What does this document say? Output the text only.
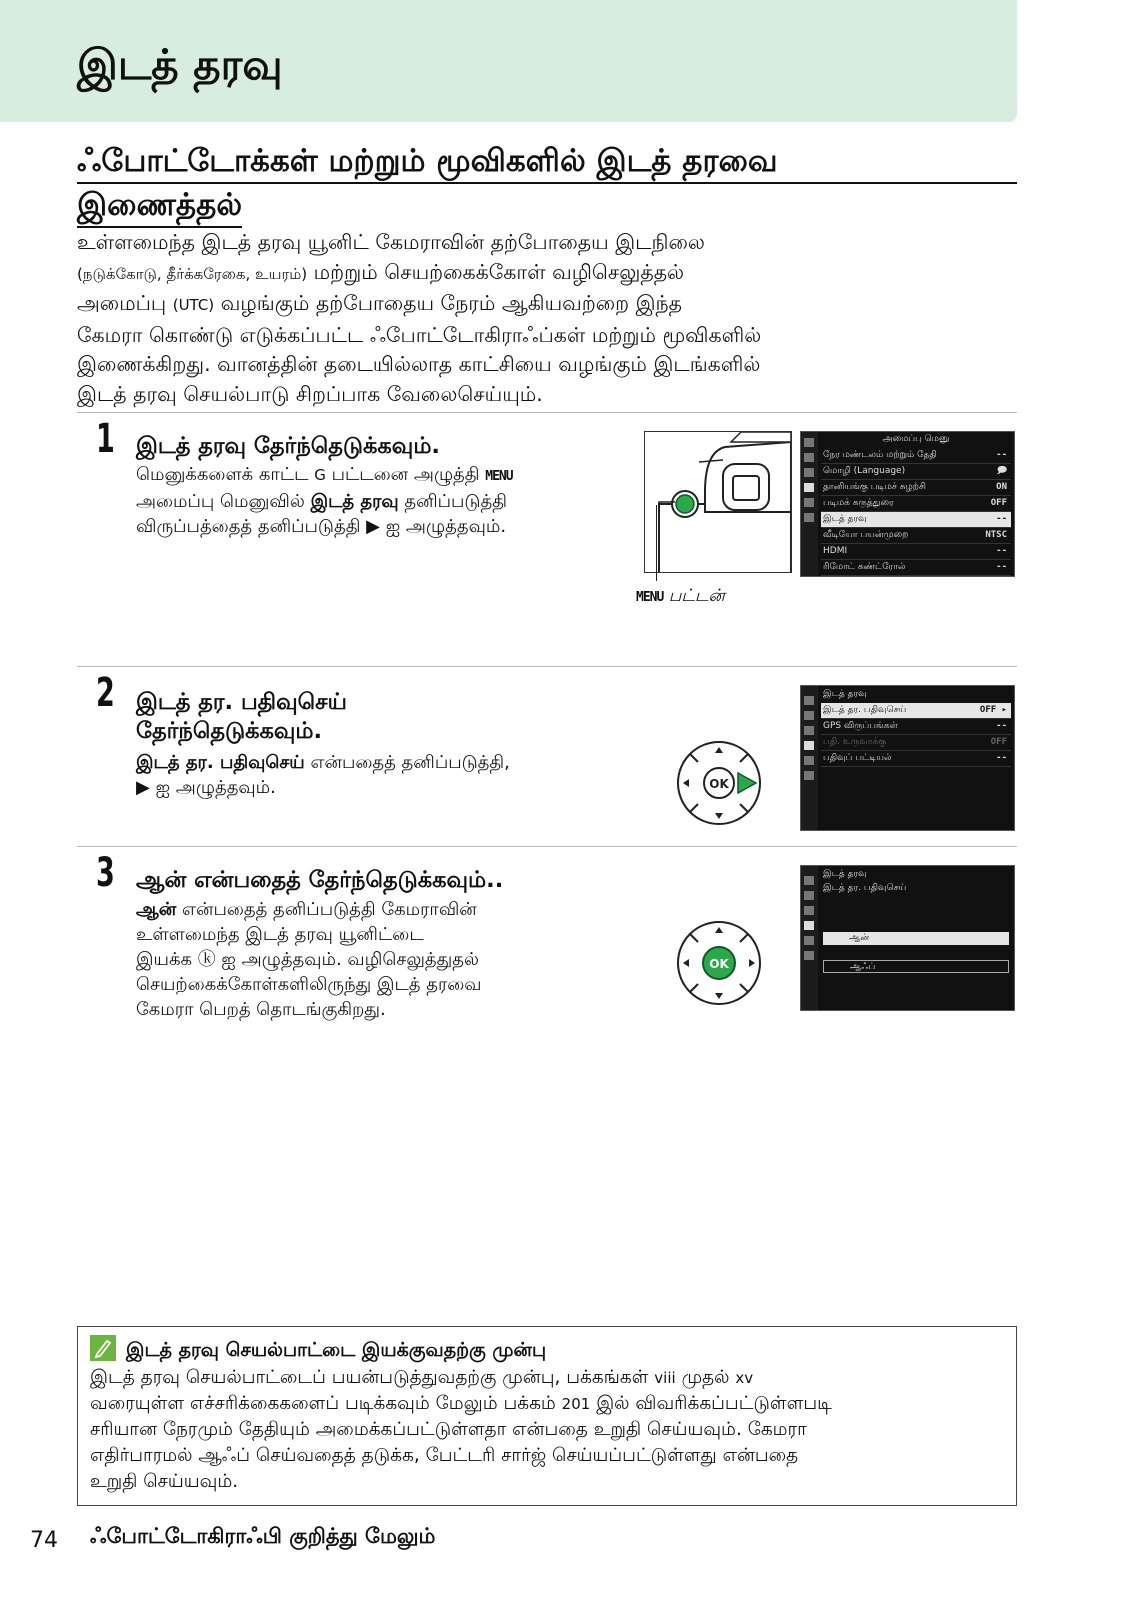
இடத் தரவு
ஃபோட்டோக்கள் மற்றும் மூவிகளில் இடத் தரவை
இணைத்தல்

உள்ளமைந்த இடத் தரவு யூனிட் கேமராவின் தற்போதைய இடநிலை

(நடுக்கோடு, தீர்க்கரேகை, உயரம்) மற்றும் செயற்கைக்கோள் வழிசெலுத்தல்

அமைப்பு (UTC) வழங்கும் தற்போதைய நேரம் ஆகியவற்றை இந்த

கேமரா கொண்டு எடுக்கப்பட்ட ஃபோட்டோகிராஃப்கள் மற்றும் மூவிகளில்

இணைக்கிறது. வானத்தின் தடையில்லாத காட்சியை வழங்கும் இடங்களில்

இடத் தரவு செயல்பாடு சிறப்பாக வேலைசெய்யும்.

1 இடத் தரவு தேர்ந்தெடுக்கவும்.

மெனுக்களைக் காட்ட G பட்டனை அழுத்தி MENU

அமைப்பு மெனுவில் இடத் தரவு தனிப்படுத்தி

விருப்பத்தைத் தனிப்படுத்தி ▶ ஐ அழுத்தவும்.

MENU பட்டன்
அமைப்பு மெனு
நேர மண்டலம் மற்றும் தேதி	--
மொழி (Language)	🗩
தானியங்கு படிமச் சுழற்சி	ON
படிமக் கருத்துரை	OFF
இடத் தரவு	--
வீடியோ பயன்முறை	NTSC
HDMI	--
ரிமோட் கண்ட்ரோல்	--
2 இடத் தர. பதிவுசெய்
தேர்ந்தெடுக்கவும்.

இடத் தர. பதிவுசெய் என்பதைத் தனிப்படுத்தி,

▶ ஐ அழுத்தவும்.	OK
இடத் தரவு
இடத் தர. பதிவுசெய்	OFF ▸
GPS விருப்பங்கள்	--
பதி. உருவாக்கு	OFF
பதிவுப் பட்டியல்	--
3 ஆன் என்பதைத் தேர்ந்தெடுக்கவும்..

ஆன் என்பதைத் தனிப்படுத்தி கேமராவின்

உள்ளமைந்த இடத் தரவு யூனிட்டை

இயக்க ⓚ ஐ அழுத்தவும். வழிசெலுத்துதல்

செயற்கைக்கோள்களிலிருந்து இடத் தரவை

கேமரா பெறத் தொடங்குகிறது.

OK
இடத் தரவு
இடத் தர. பதிவுசெய்
ஆன்
ஆஃப்
இடத் தரவு செயல்பாட்டை இயக்குவதற்கு முன்பு

இடத் தரவு செயல்பாட்டைப் பயன்படுத்துவதற்கு முன்பு, பக்கங்கள் viii முதல் xv

வரையுள்ள எச்சரிக்கைகளைப் படிக்கவும் மேலும் பக்கம் 201 இல் விவரிக்கப்பட்டுள்ளபடி

சரியான நேரமும் தேதியும் அமைக்கப்பட்டுள்ளதா என்பதை உறுதி செய்யவும். கேமரா

எதிர்பாரமல் ஆஃப் செய்வதைத் தடுக்க, பேட்டரி சார்ஜ் செய்யப்பட்டுள்ளது என்பதை

உறுதி செய்யவும்.

74 ஃபோட்டோகிராஃபி குறித்து மேலும்
